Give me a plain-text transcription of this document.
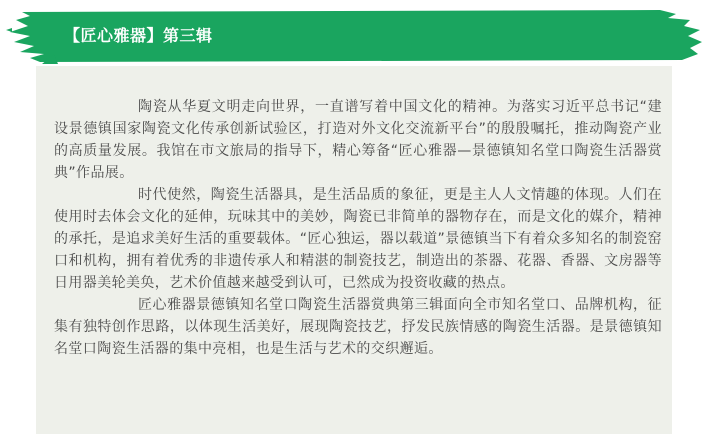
【匠心雅器】第三辑

陶瓷从华夏文明走向世界，一直谱写着中国文化的精神。为落实习近平总书记“建设景德镇国家陶瓷文化传承创新试验区，打造对外文化交流新平台”的殷殷嘱托，推动陶瓷产业的高质量发展。我馆在市文旅局的指导下，精心筹备“匠心雅器—景德镇知名堂口陶瓷生活器赏典”作品展。

时代使然，陶瓷生活器具，是生活品质的象征，更是主人人文情趣的体现。人们在使用时去体会文化的延伸，玩味其中的美妙，陶瓷已非简单的器物存在，而是文化的媒介，精神的承托，是追求美好生活的重要载体。“匠心独运，器以载道”景德镇当下有着众多知名的制瓷窑口和机构，拥有着优秀的非遗传承人和精湛的制瓷技艺，制造出的茶器、花器、香器、文房器等日用器美轮美奂，艺术价值越来越受到认可，已然成为投资收藏的热点。

匠心雅器景德镇知名堂口陶瓷生活器赏典第三辑面向全市知名堂口、品牌机构，征集有独特创作思路，以体现生活美好，展现陶瓷技艺，抒发民族情感的陶瓷生活器。是景德镇知名堂口陶瓷生活器的集中亮相，也是生活与艺术的交织邂逅。
